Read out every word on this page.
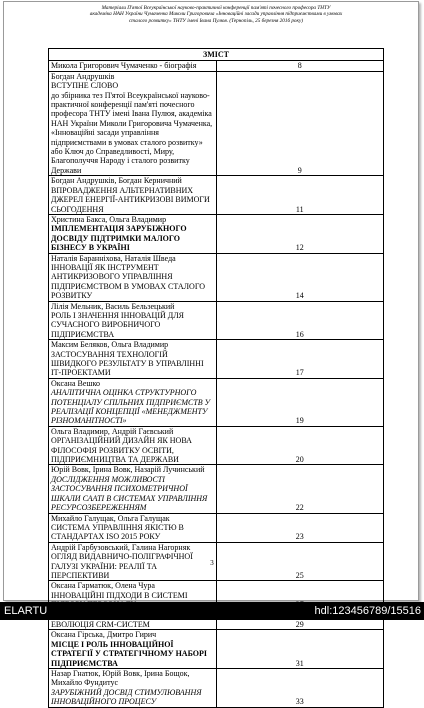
Матеріали П'ятої Всеукраїнської науково-практичної конференції пам'яті почесного професора ТНТУ
академіка НАН України Чумаченка Миколи Григоровича «Інноваційні засади управління підприємствами в умовах
сталого розвитку» ТНТУ імені Івана Пулюя. (Тернопіль, 25 березня 2016 року)
ЗМІСТ	

Микола Григорович Чумаченко - біографія	8

Богдан Андрушків
ВСТУПНЕ СЛОВО
до збірника тез П'ятої Всеукраїнської науково-практичної конференції пам'яті почесного професора ТНТУ імені Івана Пулюя, академіка НАН України Миколи Григоровича Чумаченка, «Інноваційні засади управління підприємствами в умовах сталого розвитку» або Ключ до Справедливості, Миру, Благополуччя Народу і сталого розвитку Держави	9

Богдан Андрушків, Богдан Керничний
ВПРОВАДЖЕННЯ АЛЬТЕРНАТИВНИХ ДЖЕРЕЛ ЕНЕРГІЇ-АНТИКРИЗОВІ ВИМОГИ СЬОГОДЕННЯ	11

Христина Бакса, Ольга Владимир
ІМПЛЕМЕНТАЦІЯ ЗАРУБІЖНОГО ДОСВІДУ ПІДТРИМКИ МАЛОГО БІЗНЕСУ В УКРАЇНІ	12

Наталія Баранніхова, Наталія Шведа
ІННОВАЦІЇ ЯК ІНСТРУМЕНТ АНТИКРИЗОВОГО УПРАВЛІННЯ ПІДПРИЄМСТВОМ В УМОВАХ СТАЛОГО РОЗВИТКУ	14

Лілія Мельник, Василь Бельзецький
РОЛЬ І ЗНАЧЕННЯ ІННОВАЦІЙ ДЛЯ СУЧАСНОГО ВИРОБНИЧОГО ПІДПРИЄМСТВА	16

Максим Беляков, Ольга Владимир
ЗАСТОСУВАННЯ ТЕХНОЛОГІЙ ШВИДКОГО РЕЗУЛЬТАТУ В УПРАВЛІННІ ІТ-ПРОЕКТАМИ	17

Оксана Вешко
АНАЛІТИЧНА ОЦІНКА СТРУКТУРНОГО ПОТЕНЦІАЛУ СПІЛЬНИХ ПІДПРИЄМСТВ У РЕАЛІЗАЦІЇ КОНЦЕПЦІЇ «МЕНЕДЖМЕНТУ РІЗНОМАНІТНОСТІ»	19

Ольга Владимир, Андрій Гаєвський
ОРГАНІЗАЦІЙНИЙ ДИЗАЙН ЯК НОВА ФІЛОСОФІЯ РОЗВИТКУ ОСВІТИ, ПІДПРИЄМНИЦТВА ТА ДЕРЖАВИ	20

Юрій Вовк, Ірина Вовк, Назарій Лучинський
ДОСЛІДЖЕННЯ МОЖЛИВОСТІ ЗАСТОСУВАННЯ ПСИХОМЕТРИЧНОЇ ШКАЛИ СААТІ В СИСТЕМАХ УПРАВЛІННЯ РЕСУРСОЗБЕРЕЖЕННЯМ	22

Михайло Галущак, Ольга Галущак
СИСТЕМА УПРАВЛІННЯ ЯКІСТЮ В СТАНДАРТАХ ISO 2015 РОКУ	23

Андрій Гарбузовський, Галина Нагорняк
ОГЛЯД ВИДАВНИЧО-ПОЛІГРАФІЧНОЇ ГАЛУЗІ УКРАЇНИ: РЕАЛІЇ ТА ПЕРСПЕКТИВИ	25

Оксана Гарматюк, Олена Чура
ІННОВАЦІЙНІ ПІДХОДИ В СИСТЕМІ

ЕВОЛЮЦІЯ CRM-СИСТЕМ	29

Оксана Гірська, Дмитро Гирич
МІСЦЕ І РОЛЬ ІННОВАЦІЙНОЇ СТРАТЕГІЇ У СТРАТЕГІЧНОМУ НАБОРІ ПІДПРИЄМСТВА	31

Назар Гнатюк, Юрій Вовк, Ірина Бощок, Михайло Фундитус
ЗАРУБІЖНИЙ ДОСВІД СТИМУЛЮВАННЯ ІННОВАЦІЙНОГО ПРОЦЕСУ	33
3
ELARTU	hdl:123456789/15516
